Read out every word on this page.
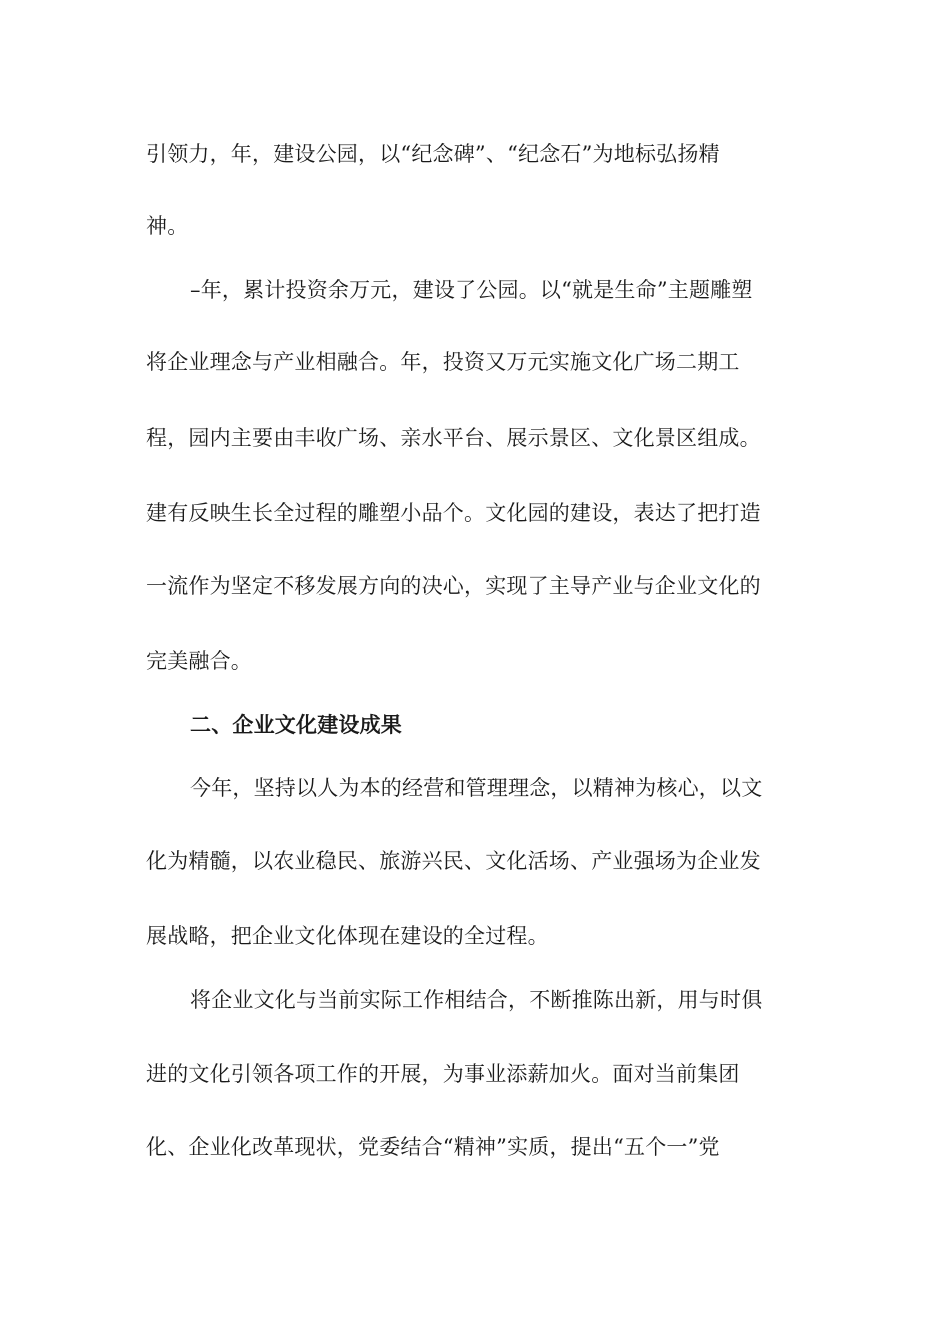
引领力，年，建设公园，以“纪念碑”、“纪念石”为地标弘扬精
神。
–年，累计投资余万元，建设了公园。以“就是生命”主题雕塑
将企业理念与产业相融合。年，投资又万元实施文化广场二期工
程，园内主要由丰收广场、亲水平台、展示景区、文化景区组成。
建有反映生长全过程的雕塑小品个。文化园的建设，表达了把打造
一流作为坚定不移发展方向的决心，实现了主导产业与企业文化的
完美融合。
二、企业文化建设成果
今年，坚持以人为本的经营和管理理念，以精神为核心，以文
化为精髓，以农业稳民、旅游兴民、文化活场、产业强场为企业发
展战略，把企业文化体现在建设的全过程。
将企业文化与当前实际工作相结合，不断推陈出新，用与时俱
进的文化引领各项工作的开展，为事业添薪加火。面对当前集团
化、企业化改革现状，党委结合“精神”实质，提出“五个一”党
